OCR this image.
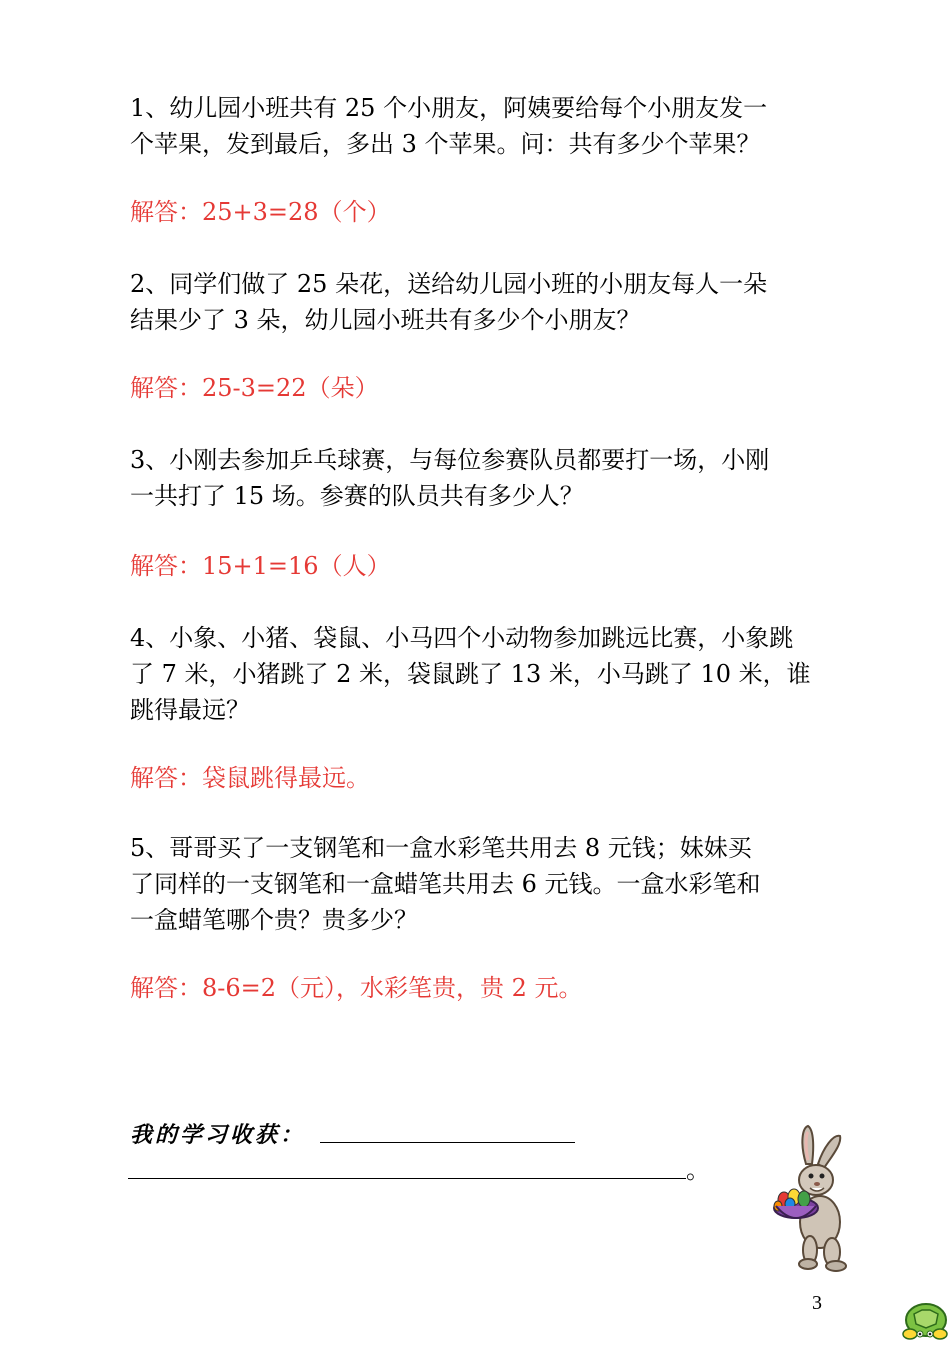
1、幼儿园小班共有 25 个小朋友，阿姨要给每个小朋友发一
个苹果，发到最后，多出 3 个苹果。问：共有多少个苹果？

解答：25+3=28（个）

2、同学们做了 25 朵花，送给幼儿园小班的小朋友每人一朵
结果少了 3 朵，幼儿园小班共有多少个小朋友？

解答：25-3=22（朵）

3、小刚去参加乒乓球赛，与每位参赛队员都要打一场，小刚
一共打了 15 场。参赛的队员共有多少人？

解答：15+1=16（人）

4、小象、小猪、袋鼠、小马四个小动物参加跳远比赛，小象跳
了 7 米，小猪跳了 2 米，袋鼠跳了 13 米，小马跳了 10 米，谁
跳得最远？

解答：袋鼠跳得最远。

5、哥哥买了一支钢笔和一盒水彩笔共用去 8 元钱；妹妹买
了同样的一支钢笔和一盒蜡笔共用去 6 元钱。一盒水彩笔和
一盒蜡笔哪个贵？贵多少？

解答：8-6=2（元），水彩笔贵，贵 2 元。

我的学习收获：
。
3
